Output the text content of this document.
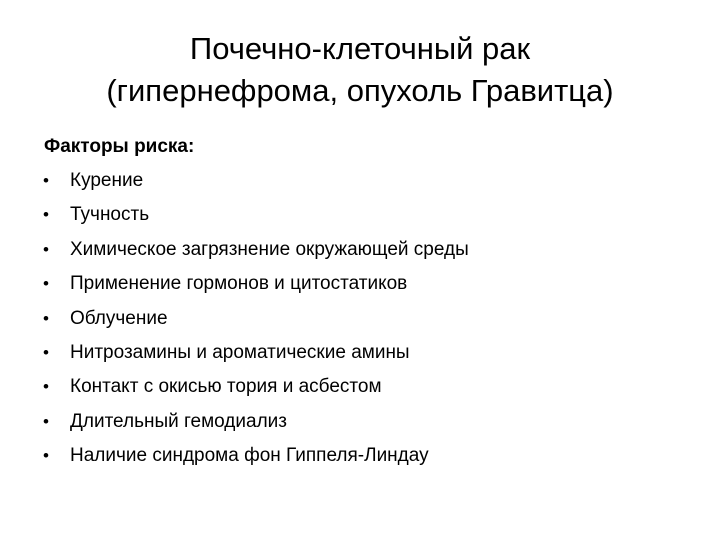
Почечно-клеточный рак
(гипернефрома, опухоль Гравитца)

Факторы риска:

• Курение
• Тучность
• Химическое загрязнение окружающей среды
• Применение гормонов и цитостатиков
• Облучение
• Нитрозамины и ароматические амины
• Контакт с окисью тория и асбестом
• Длительный гемодиализ
• Наличие синдрома фон Гиппеля-Линдау
